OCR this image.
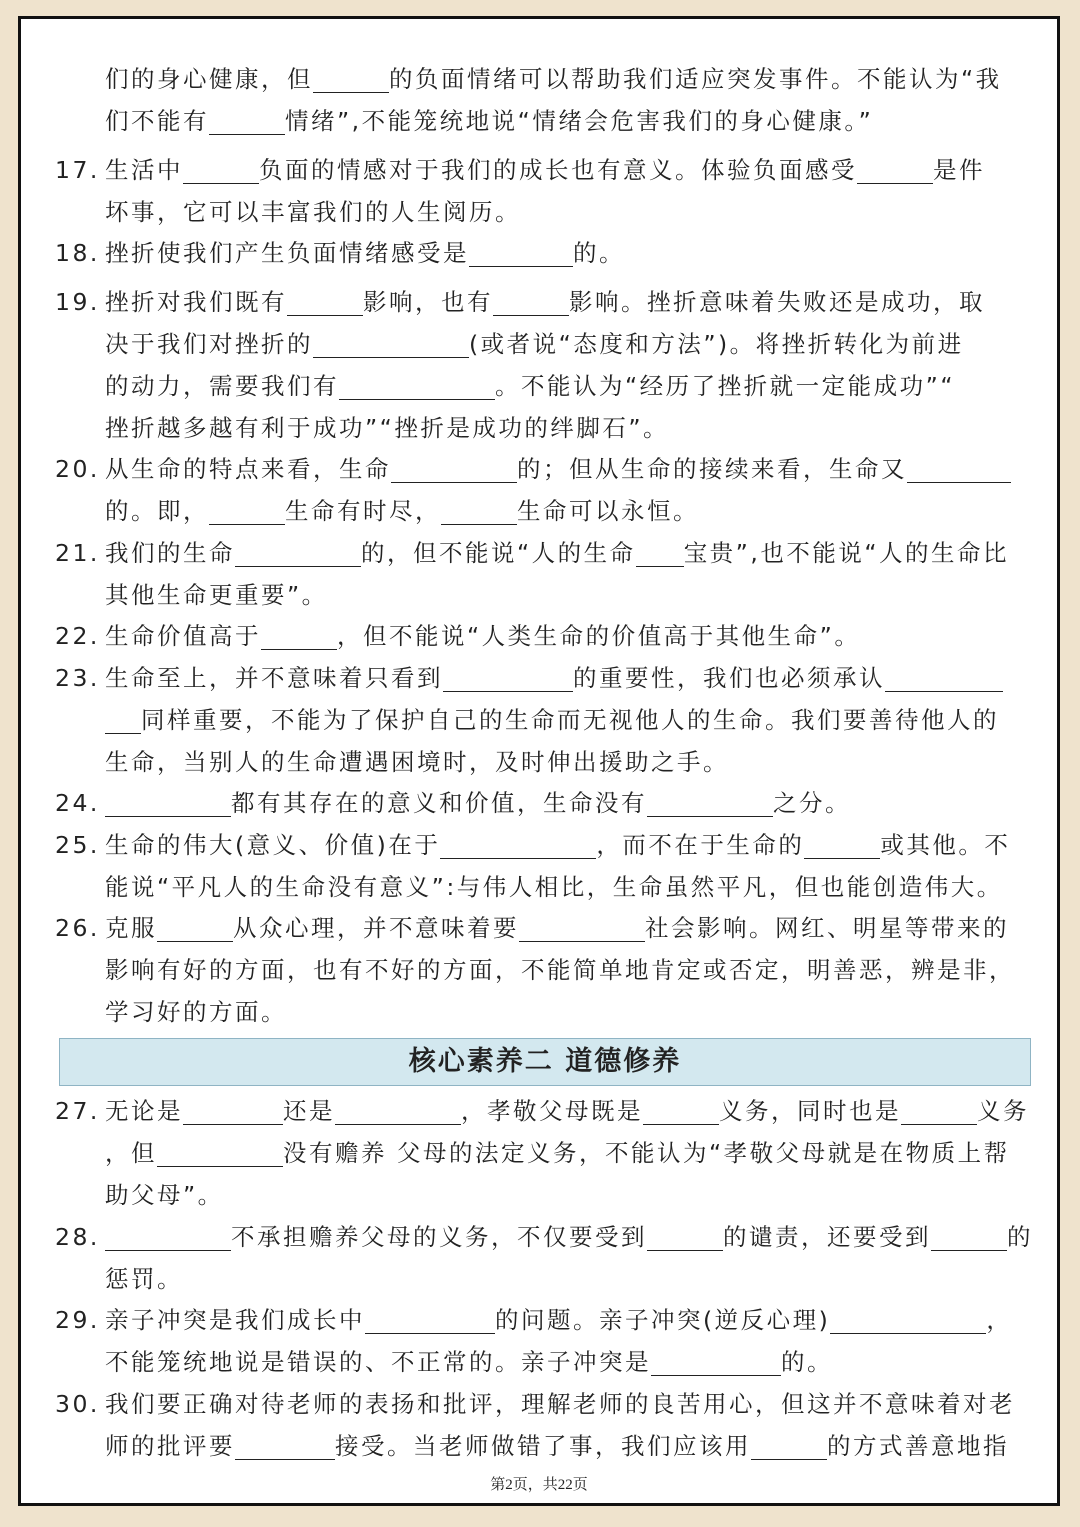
们的身心健康，但	的负面情绪可以帮助我们适应突发事件。不能认为“我
们不能有	情绪”,不能笼统地说“情绪会危害我们的身心健康。”
17. 生活中	负面的情感对于我们的成长也有意义。体验负面感受	是件
坏事，它可以丰富我们的人生阅历。
18. 挫折使我们产生负面情绪感受是	的。
19. 挫折对我们既有	影响，也有	影响。挫折意味着失败还是成功，取
决于我们对挫折的	(或者说“态度和方法”)。将挫折转化为前进
的动力，需要我们有	。不能认为“经历了挫折就一定能成功”“
挫折越多越有利于成功”“挫折是成功的绊脚石”。
20. 从生命的特点来看，生命	的；但从生命的接续来看，生命又
的。即，	生命有时尽，	生命可以永恒。
21. 我们的生命	的，但不能说“人的生命 宝贵”,也不能说“人的生命比
其他生命更重要”。
22. 生命价值高于	，但不能说“人类生命的价值高于其他生命”。
23. 生命至上，并不意味着只看到	的重要性，我们也必须承认
同样重要，不能为了保护自己的生命而无视他人的生命。我们要善待他人的
生命，当别人的生命遭遇困境时，及时伸出援助之手。
24.	都有其存在的意义和价值，生命没有	之分。
25. 生命的伟大(意义、价值)在于	，而不在于生命的	或其他。不
能说“平凡人的生命没有意义”:与伟人相比，生命虽然平凡，但也能创造伟大。
26. 克服	从众心理，并不意味着要	社会影响。网红、明星等带来的
影响有好的方面，也有不好的方面，不能简单地肯定或否定，明善恶，辨是非，
学习好的方面。
27. 无论是	还是	，孝敬父母既是	义务，同时也是	义务
，但	没有赡养 父母的法定义务，不能认为“孝敬父母就是在物质上帮
助父母”。
28.	不承担赡养父母的义务，不仅要受到	的谴责，还要受到	的
惩罚。
29. 亲子冲突是我们成长中	的问题。亲子冲突(逆反心理)	，
不能笼统地说是错误的、不正常的。亲子冲突是	的。
30. 我们要正确对待老师的表扬和批评，理解老师的良苦用心，但这并不意味着对老
师的批评要	接受。当老师做错了事，我们应该用	的方式善意地指
核心素养二 道德修养
第2页，共22页
